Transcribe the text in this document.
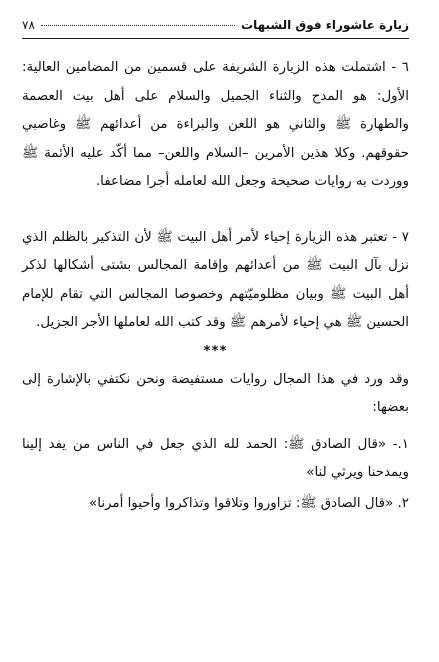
زيارة عاشوراء فوق الشبهات
٧٨

٦ - اشتملت هذه الزيارة الشريفة على قسمين من المضامين العالية: الأول: هو المدح والثناء الجميل والسلام على أهل بيت العصمة والطهارة ﷺ والثاني هو اللعن والبراءة من أعدائهم ﷺ وغاصبي حقوقهم. وكلا هذين الأمرين –السلام واللعن– مما أكّد عليه الأئمة ﷺ ووردت به روايات صحيحة وجعل الله لعامله أجرا مضاعفا.

٧ - تعتبر هذه الزيارة إحياء لأمر أهل البيت ﷺ لأن التذكير بالظلم الذي نزل بآل البيت ﷺ من أعدائهم وإقامة المجالس بشتى أشكالها لذكر أهل البيت ﷺ وبيان مظلوميّتهم وخصوصا المجالس التي تقام للإمام الحسين ﷺ هي إحياء لأمرهم ﷺ وقد كتب الله لعاملها الأجر الجزيل.

***

وقد ورد في هذا المجال روايات مستفيضة ونحن نكتفي بالإشارة إلى بعضها:

١.- «قال الصادق ﷺ: الحمد لله الذي جعل في الناس من يفد إلينا ويمدحنا ويرثي لنا»

٢. «قال الصادق ﷺ: تزاوروا وتلاقوا وتذاكروا وأحيوا أمرنا»
